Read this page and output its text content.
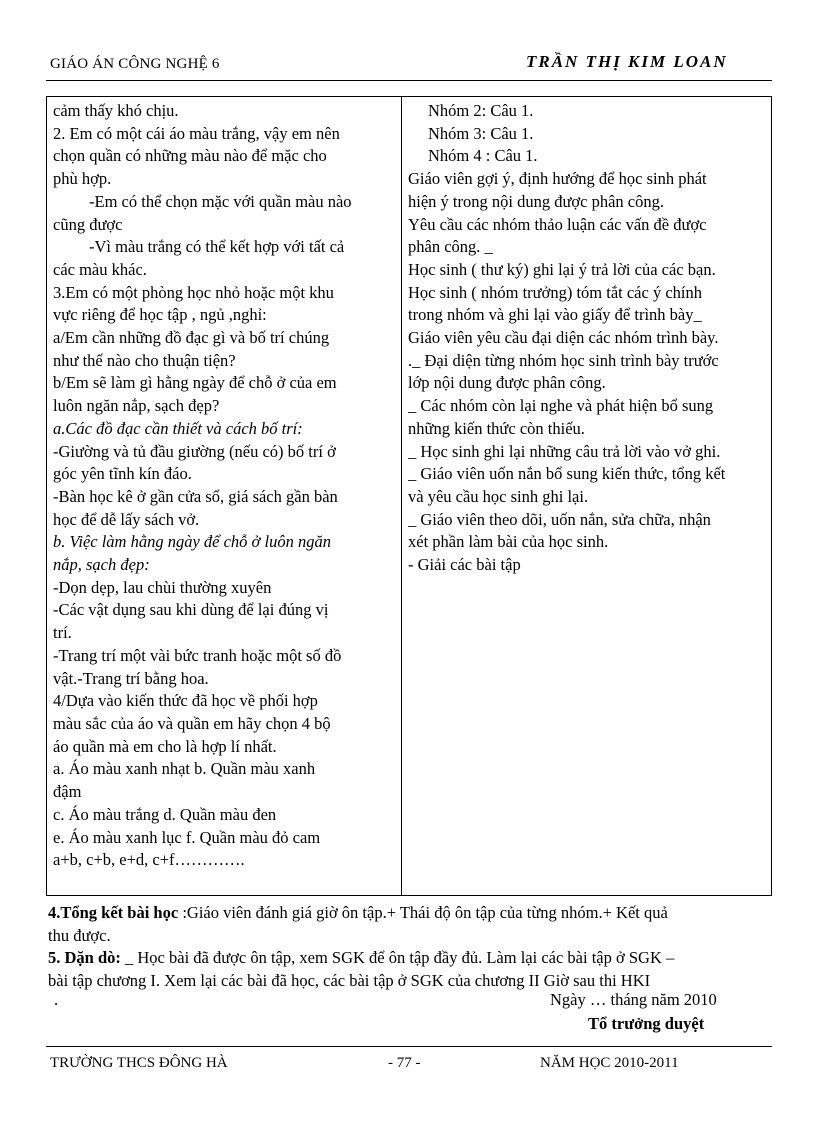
GIÁO ÁN CÔNG NGHỆ 6	TRẦN THỊ KIM LOAN
cảm thấy khó chịu.
2. Em có một cái áo màu trắng, vậy em nên
chọn quần có những màu nào để mặc cho
phù hợp.
-Em có thể chọn mặc với quần màu nào
cũng được
-Vì màu trắng có thể kết hợp với tất cả
các màu khác.
3.Em có một phòng học nhỏ hoặc một khu
vực riêng để học tập , ngủ ,nghỉ:
a/Em cần những đồ đạc gì và bố trí chúng
như thế nào cho thuận tiện?
b/Em sẽ làm gì hằng ngày để chỗ ở của em
luôn ngăn nắp, sạch đẹp?
a.Các đồ đạc cần thiết và cách bố trí:
-Giường và tủ đầu giường (nếu có) bố trí ở
góc yên tĩnh kín đáo.
-Bàn học kê ở gần cửa sổ, giá sách gần bàn
học để dễ lấy sách vở.
b. Việc làm hằng ngày để chỗ ở luôn ngăn
nắp, sạch đẹp:
-Dọn dẹp, lau chùi thường xuyên
-Các vật dụng sau khi dùng để lại đúng vị
trí.
-Trang trí một vài bức tranh hoặc một số đồ
vật.-Trang trí bằng hoa.
4/Dựa vào kiến thức đã học về phối hợp
màu sắc của áo và quần em hãy chọn 4 bộ
áo quần mà em cho là hợp lí nhất.
a. Áo màu xanh nhạt b. Quần màu xanh
đậm
c. Áo màu trắng d. Quần màu đen
e. Áo màu xanh lục f. Quần màu đỏ cam
a+b, c+b, e+d, c+f………….

Nhóm 2: Câu 1.
Nhóm 3: Câu 1.
Nhóm 4 : Câu 1.
Giáo viên gợi ý, định hướng để học sinh phát
hiện ý trong nội dung được phân công.
Yêu cầu các nhóm thảo luận các vấn đề được
phân công. _
Học sinh ( thư ký) ghi lại ý trả lời của các bạn.
Học sinh ( nhóm trưởng) tóm tắt các ý chính
trong nhóm và ghi lại vào giấy để trình bày_
Giáo viên yêu cầu đại diện các nhóm trình bày.
._ Đại diện từng nhóm học sinh trình bày trước
lớp nội dung được phân công.
_ Các nhóm còn lại nghe và phát hiện bổ sung
những kiến thức còn thiếu.
_ Học sinh ghi lại những câu trả lời vào vở ghi.
_ Giáo viên uốn nắn bổ sung kiến thức, tổng kết
và yêu cầu học sinh ghi lại.
_ Giáo viên theo dõi, uốn nắn, sửa chữa, nhận
xét phần làm bài của học sinh.
- Giải các bài tập
4.Tổng kết bài học :Giáo viên đánh giá giờ ôn tập.+ Thái độ ôn tập của từng nhóm.+ Kết quả
thu được.
5. Dặn dò: _ Học bài đã được ôn tập, xem SGK để ôn tập đầy đủ. Làm lại các bài tập ở SGK –
bài tập chương I. Xem lại các bài đã học, các bài tập ở SGK của chương II Giờ sau thi HKI
.	Ngày … tháng năm 2010
Tổ trưởng duyệt
TRƯỜNG THCS ĐÔNG HÀ	- 77 -	NĂM HỌC 2010-2011
